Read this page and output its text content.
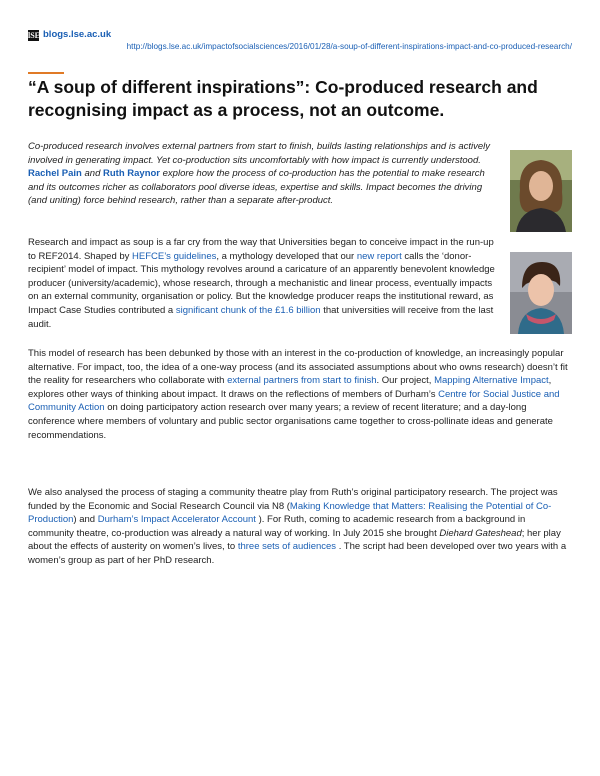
lSE blogs.lse.ac.uk
http://blogs.lse.ac.uk/impactofsocialsciences/2016/01/28/a-soup-of-different-inspirations-impact-and-co-produced-research/
“A soup of different inspirations”: Co-produced research and recognising impact as a process, not an outcome.

Co-produced research involves external partners from start to finish, builds lasting relationships and is actively involved in generating impact. Yet co-production sits uncomfortably with how impact is currently understood. Rachel Pain and Ruth Raynor explore how the process of co-production has the potential to make research and its outcomes richer as collaborators pool diverse ideas, expertise and skills. Impact becomes the driving (and uniting) force behind research, rather than a separate after-product.

Research and impact as soup is a far cry from the way that Universities began to conceive impact in the run-up to REF2014. Shaped by HEFCE’s guidelines, a mythology developed that our new report calls the ‘donor-recipient’ model of impact. This mythology revolves around a caricature of an apparently benevolent knowledge producer (university/academic), whose research, through a mechanistic and linear process, eventually impacts on an external community, organisation or policy. But the knowledge producer reaps the institutional reward, as Impact Case Studies contributed a significant chunk of the £1.6 billion that universities will receive from the last audit.

This model of research has been debunked by those with an interest in the co-production of knowledge, an increasingly popular alternative. For impact, too, the idea of a one-way process (and its associated assumptions about who owns research) doesn’t fit the reality for researchers who collaborate with external partners from start to finish. Our project, Mapping Alternative Impact, explores other ways of thinking about impact. It draws on the reflections of members of Durham’s Centre for Social Justice and Community Action on doing participatory action research over many years; a review of recent literature; and a day-long conference where members of voluntary and public sector organisations came together to cross-pollinate ideas and generate recommendations.

We also analysed the process of staging a community theatre play from Ruth’s original participatory research. The project was funded by the Economic and Social Research Council via N8 (Making Knowledge that Matters: Realising the Potential of Co-Production) and Durham’s Impact Accelerator Account ). For Ruth, coming to academic research from a background in community theatre, co-production was already a natural way of working. In July 2015 she brought Diehard Gateshead; her play about the effects of austerity on women’s lives, to three sets of audiences . The script had been developed over two years with a women’s group as part of her PhD research.
